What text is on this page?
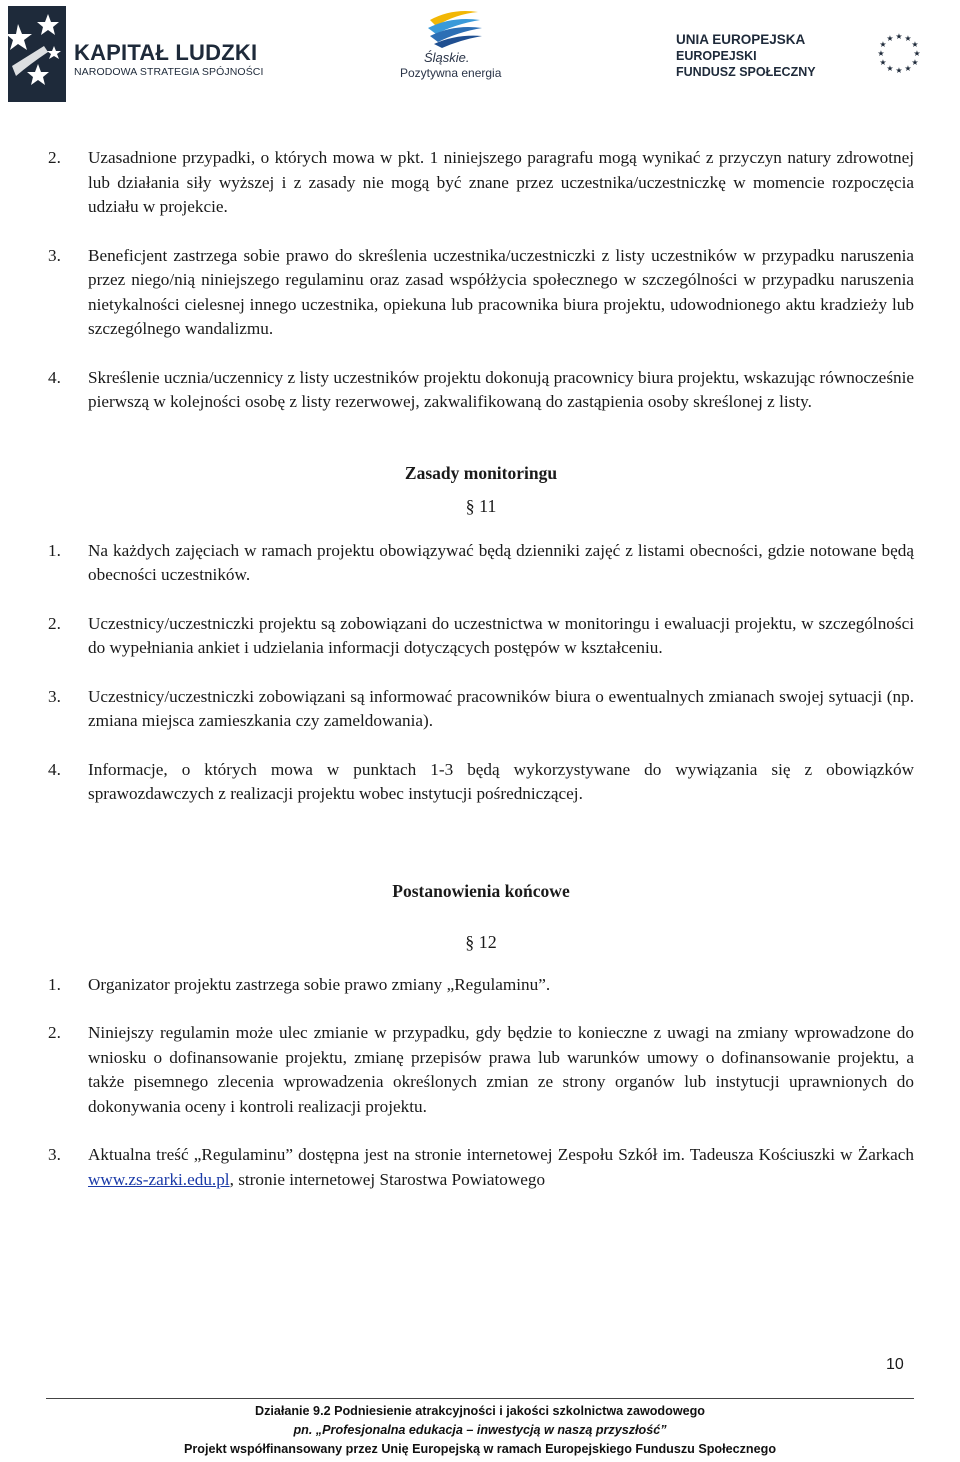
KAPITAŁ LUDZKI
NARODOWA STRATEGIA SPÓJNOŚCI
Śląskie.
Pozytywna energia
UNIA EUROPEJSKA
EUROPEJSKI
FUNDUSZ SPOŁECZNY
★ ★
★
★
★
★
★
★
★
★
★
★
2.	Uzasadnione przypadki, o których mowa w pkt. 1 niniejszego paragrafu mogą wynikać z przyczyn natury zdrowotnej lub działania siły wyższej i z zasady nie mogą być znane przez uczestnika/uczestniczkę w momencie rozpoczęcia udziału w projekcie.
3.	Beneficjent zastrzega sobie prawo do skreślenia uczestnika/uczestniczki z listy uczestników w przypadku naruszenia przez niego/nią niniejszego regulaminu oraz zasad współżycia społecznego w szczególności w przypadku naruszenia nietykalności cielesnej innego uczestnika, opiekuna lub pracownika biura projektu, udowodnionego aktu kradzieży lub szczególnego wandalizmu.
4.	Skreślenie ucznia/uczennicy z listy uczestników projektu dokonują pracownicy biura projektu, wskazując równocześnie pierwszą w kolejności osobę z listy rezerwowej, zakwalifikowaną do zastąpienia osoby skreślonej z listy.
Zasady monitoringu
§ 11
1.	Na każdych zajęciach w ramach projektu obowiązywać będą dzienniki zajęć z listami obecności, gdzie notowane będą obecności uczestników.
2.	Uczestnicy/uczestniczki projektu są zobowiązani do uczestnictwa w monitoringu i ewaluacji projektu, w szczególności do wypełniania ankiet i udzielania informacji dotyczących postępów w kształceniu.
3.	Uczestnicy/uczestniczki zobowiązani są informować pracowników biura o ewentualnych zmianach swojej sytuacji (np. zmiana miejsca zamieszkania czy zameldowania).
4.	Informacje, o których mowa w punktach 1-3 będą wykorzystywane do wywiązania się z obowiązków sprawozdawczych z realizacji projektu wobec instytucji pośredniczącej.
Postanowienia końcowe
§ 12
1.	Organizator projektu zastrzega sobie prawo zmiany „Regulaminu”.
2.	Niniejszy regulamin może ulec zmianie w przypadku, gdy będzie to konieczne z uwagi na zmiany wprowadzone do wniosku o dofinansowanie projektu, zmianę przepisów prawa lub warunków umowy o dofinansowanie projektu, a także pisemnego zlecenia wprowadzenia określonych zmian ze strony organów lub instytucji uprawnionych do dokonywania oceny i kontroli realizacji projektu.
3.	Aktualna treść „Regulaminu” dostępna jest na stronie internetowej Zespołu Szkół im. Tadeusza Kościuszki w Żarkach www.zs-zarki.edu.pl, stronie internetowej Starostwa Powiatowego
10
Działanie 9.2 Podniesienie atrakcyjności i jakości szkolnictwa zawodowego
pn. „Profesjonalna edukacja – inwestycją w naszą przyszłość”
Projekt współfinansowany przez Unię Europejską w ramach Europejskiego Funduszu Społecznego
